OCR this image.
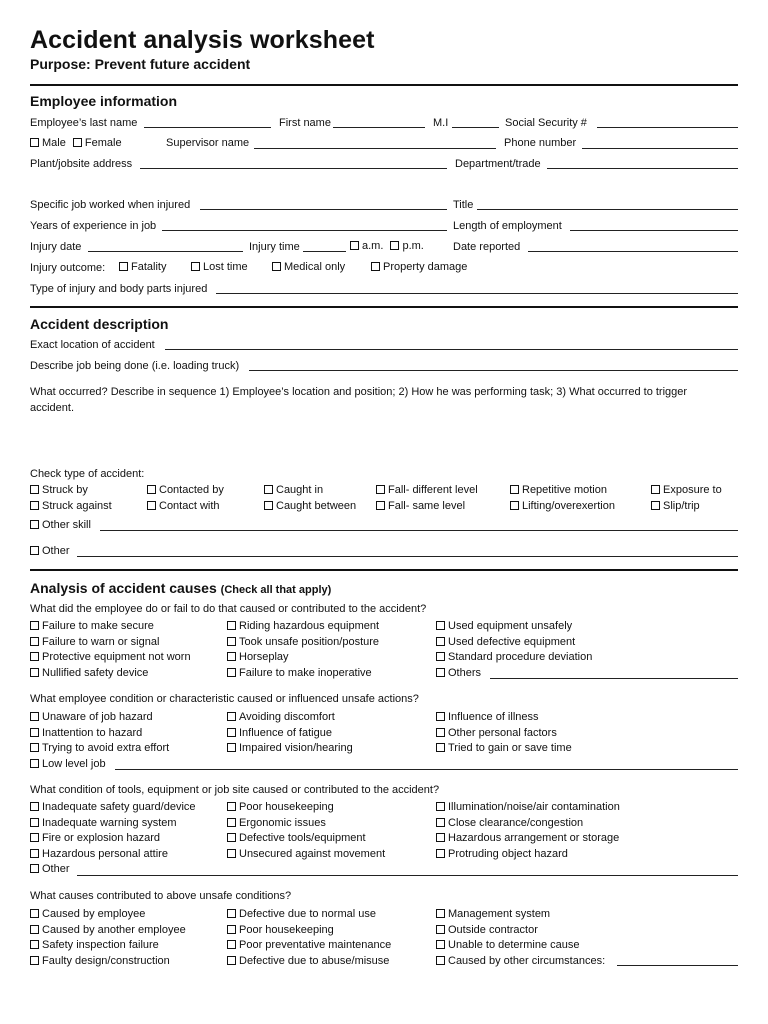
Accident analysis worksheet
Purpose: Prevent future accident
Employee information
Employee’s last name	First name	M.I	Social Security #
Male Female	Supervisor name	Phone number
Plant/jobsite address	Department/trade
Specific job worked when injured	Title
Years of experience in job	Length of employment
Injury date	Injury time	a.m. p.m.	Date reported
Injury outcome:	Fatality	Lost time	Medical only	Property damage
Type of injury and body parts injured
Accident description
Exact location of accident
Describe job being done (i.e. loading truck)
What occurred? Describe in sequence 1) Employee’s location and position; 2) How he was performing task; 3) What occurred to trigger
accident.
Check type of accident:
Struck by
Struck against
Contacted by
Contact with
Caught in
Caught between
Fall- different level
Fall- same level
Repetitive motion
Lifting/overexertion
Exposure to
Slip/trip
Other skill
Other
Analysis of accident causes (Check all that apply)
What did the employee do or fail to do that caused or contributed to the accident?
Failure to make secure
Failure to warn or signal
Protective equipment not worn
Nullified safety device
Riding hazardous equipment
Took unsafe position/posture
Horseplay
Failure to make inoperative
Used equipment unsafely
Used defective equipment
Standard procedure deviation
Others
What employee condition or characteristic caused or influenced unsafe actions?
Unaware of job hazard
Inattention to hazard
Trying to avoid extra effort
Low level job
Avoiding discomfort
Influence of fatigue
Impaired vision/hearing
Influence of illness
Other personal factors
Tried to gain or save time
What condition of tools, equipment or job site caused or contributed to the accident?
Inadequate safety guard/device
Inadequate warning system
Fire or explosion hazard
Hazardous personal attire
Other
Poor housekeeping
Ergonomic issues
Defective tools/equipment
Unsecured against movement
Illumination/noise/air contamination
Close clearance/congestion
Hazardous arrangement or storage
Protruding object hazard
What causes contributed to above unsafe conditions?
Caused by employee
Caused by another employee
Safety inspection failure
Faulty design/construction
Defective due to normal use
Poor housekeeping
Poor preventative maintenance
Defective due to abuse/misuse
Management system
Outside contractor
Unable to determine cause
Caused by other circumstances:
